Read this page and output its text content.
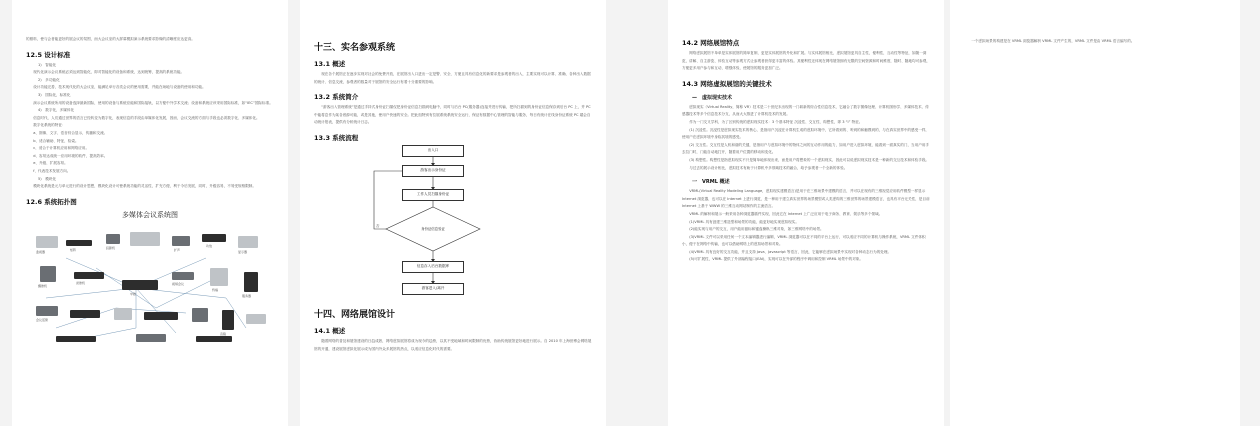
的照料，使与会者能更好的展会议的氛围，而大会议室的大屏幕模拟演示系统要求影像的清晰度应达更高。

12.5 设计标准

1)　智能化

现代化演示会议系统必须达到智能化，即对智能化的设备和系统，达到统筹，提高的系统功能。

2)　多功能化

设计功能完善，技术现代化的大会议室，能满足举行各类会议的使用需要，并能在场地与设备的使用和功能。

3)　国际化，标准化

演示会议系统所用的设备选择最新国际，使用的设备与系统应能和国际接轨，以方便中外学术交流；设备和系统应该采用国际标准，如“IEC”国际标准。

4)　数字化，多媒体化

信息时代，人们通过世界的语言已经转变为数字化，表现信息的手段由单媒体化发展，因而，会议交流的方面与手段也必须数字化、多媒体化。

数字化系统的特征：

a、图像、文字、语音综合显示，传播和交流。

b、适合辅助、特征，检索。

c、适合于计算机应用和网络应用。

d、容易达成统一应用环境的软件，提高效率。

e、升级、扩展容易。

f、代表技术发展方向。

5)　模块化

模块化系统是元与单元进行的设计思想，模块化设计可使系统功能的灵活性，扩充方便，利于今后发展，同时，升级容易，不易受规格限制。

12.6 系统拓扑图

多媒体会议系统图

监视器	矩阵	投影机	扩声
视频会议
功放
中控
会议话筒
终端
摄像机
录像机
服务器
音箱
显示器
十三、实名参观系统
13.1 概述

现在各个展馆正在逐步实现对社会的免费开放，在展馆出入口进出一定是警、安全、方便且具有信息化的新要求是参观者的出入，主要实现可以计算、准确、各种出入数据的统计、信息交流，参观者的数量对于展馆的安全运行有着十分重要的影响。

13.2 系统简介

“游客出入管理系统”是通过手持式身份证扫描仪把身份证信息扫描到电脑中，同时与后台 PC(服务器)连接并进行传输，把所扫描到的身份证信息保存到后台 PC 上，并 PC 中能将息作为某各底薛可能，或是其他，使用户快速的安全。把此组特别有位展系统系统安全运行，保证有数据中心管理的智能与服务，每日有统计在线身份证系统 PC 端会自动统计报表，提供有分析统计日志。

13.3 系统流程
出入口
游客出示身份证
工作人员扫描身份证
身份证信息验证
信息存入后台数据库
游客进入/离开
否
十四、网络展馆设计
14.1 概述

随着网络的普及和展馆建设的日趋成熟，网络虚拟展馆将成为现今的趋势，以其不受地域和时间限制的优势，协助传统展馆更好地进行展示。自 2010 年上海世博会网络展馆的开通，建设展馆虚拟化展示成为国内外众多展馆的热点，以适应信息化时代的需要。

14.2 网络展馆特点

网络虚拟展馆不单单是实体展馆的简单复制，更是实体展馆的外化和扩展。与实体展馆相比，虚拟展馆更具自主性，便利性，互动性等特征，如随一浏览，讲解、自主游览、体验互动等参观方式让参观者获得更丰富的体验。其便利性还体现在网络展馆拥有无限的空间资源和时间维度，随时、随地均可参观，方便更多用户参与和互动，增强体验，使展馆的服务更加广泛。

14.3 网络虚拟展馆的关键技术
—　虚拟现实技术

虚拟现实（Virtual Reality，简称 VR）技术是二十世纪末出现的一门崭新的综合性信息技术，它融合了数字图像处理、计算机图形学、多媒体技术、传感器技术等多个信息技术分支，从而大大推进了计算机技术的发展。

作为一门交叉学科，为了区别传统的虚拟现实技术：3 个基本特征 沉浸性、交互性、构想性，即 3 “I” 特征。

(1) 沉浸性。沉浸性是虚拟现实技术的核心，是指用户沉浸在计算机生成的虚拟环境中，它所看到的、听到的和触摸到的，与在真实世界中的感受一样，使用户在虚拟环境中身临其境的感受。

(2) 交互性。交互性是人机和谐的关键，是指用户与虚拟环境中的物体之间的互动作用的能力，如用户进入虚拟环境，能看到一面真实的门，当用户用手去拉门时，门能自动地打开，随着用户位置的移动和变化。

(3) 构想性。构想性是指虚拟现实不只是简单地体现出来，而是用户将想象的一个虚拟现实，因此可以说虚拟现实技术是一种新的交互技术和体验手段。

与过去的展示设计相比，虚拟技术有助于计算机中多领域技术的融合，给予参观者一个全新的体验。

一　VRML 概述

VRML(Virtual Reality Modeling Language，虚拟现实建模语言)是用于在三维场景中建模的语言，并可以在现有的三维视觉应用软件模型一样显示 Internet 浏览器，也可以在 Internet 上进行浏览，是一种用于建立真实世界的场景模型或人类虚构的三维世界的场景建模语言，也具有平台无关性，是目前 Internet 上基于 WWW 的三维互动网站制作的主流语言。

VRML 的解析和展示一般采用各种浏览器插件实现，因此它在 Internet 上广泛应用于电子商务、教育、娱乐等多个领域。

(1)VRML 具有创建三维造型和场景的功能，能更好地实现虚拟现实。

(2)能实现与用户的交互，用户能用鼠标和键盘操纵三维对象，如三维网络中的场景。

(3)VRML 文件可以采用任何一个文本编辑器进行编辑，VRML 浏览器可以在不同的平台上运行，可以适应不同的计算机与操作系统，VRML 文件体积小，便于在网络中传输，也可以借助网络上的虚拟场景和对象。

(4)VRML 具有良好的交互功能，并且支持 Java、Javascript 等语言，因此，它能够在虚拟场景中实现对各种动态行为的处理。

(5)可扩展性，VRML 提供了外部编程接口(EAI)，实现可以在外部的程序中调用和控制 VRML 场景中的对象。

一个虚拟场景的构建是在 VRML 浏览器解析 VRML 文件产生的，VRML 文件是由 VRML 语言编写的。
